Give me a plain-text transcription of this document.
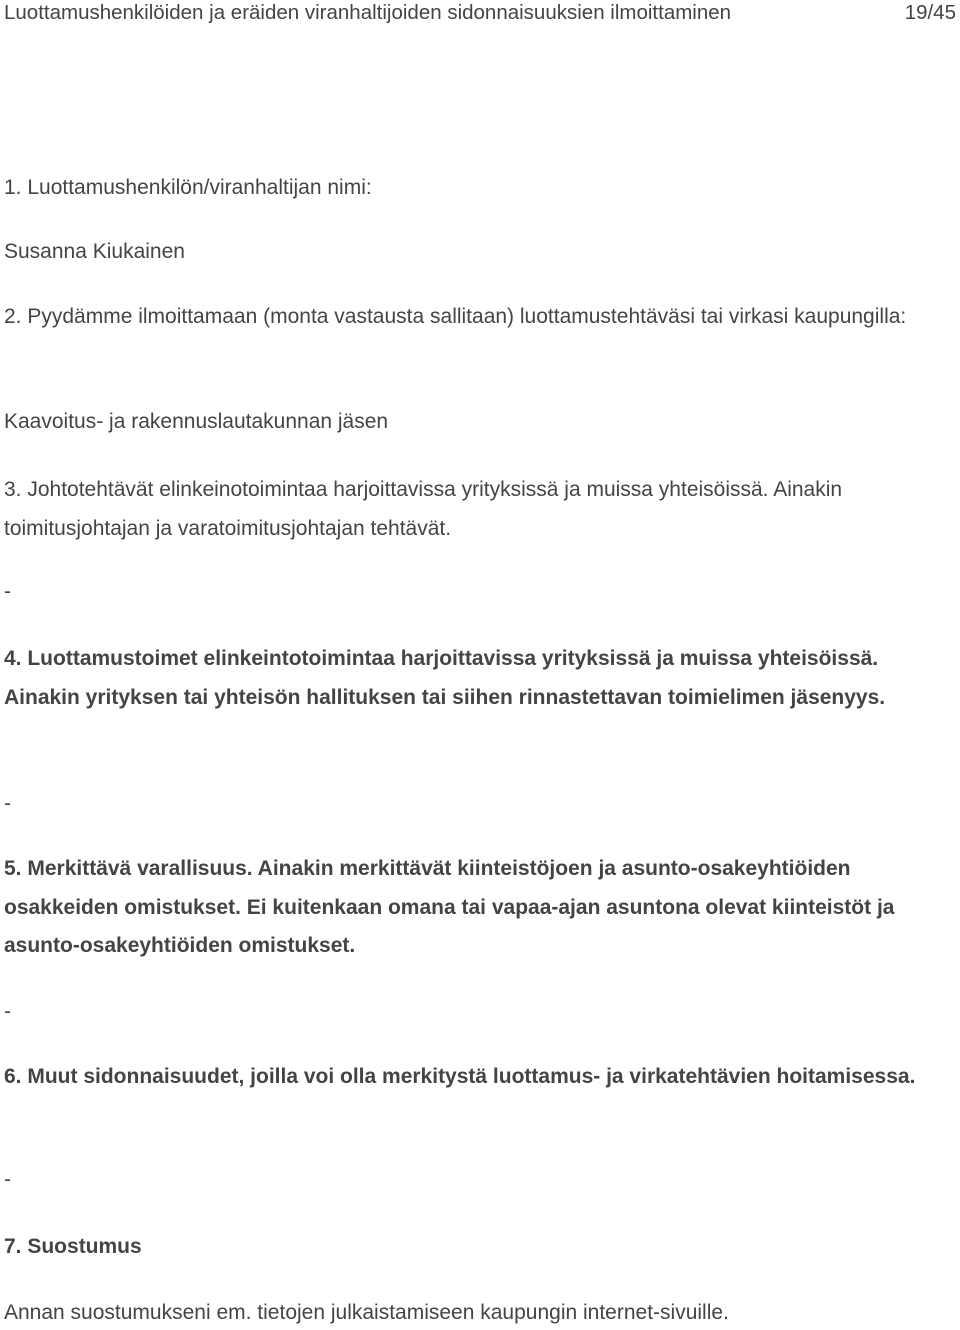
Luottamushenkilöiden ja eräiden viranhaltijoiden sidonnaisuuksien ilmoittaminen	19/45

1. Luottamushenkilön/viranhaltijan nimi:

Susanna Kiukainen

2. Pyydämme ilmoittamaan (monta vastausta sallitaan) luottamustehtäväsi tai virkasi kaupungilla:

Kaavoitus- ja rakennuslautakunnan jäsen

3. Johtotehtävät elinkeinotoimintaa harjoittavissa yrityksissä ja muissa yhteisöissä. Ainakin toimitusjohtajan ja varatoimitusjohtajan tehtävät.

-

4. Luottamustoimet elinkeintotoimintaa harjoittavissa yrityksissä ja muissa yhteisöissä. Ainakin yrityksen tai yhteisön hallituksen tai siihen rinnastettavan toimielimen jäsenyys.

-

5. Merkittävä varallisuus. Ainakin merkittävät kiinteistöjoen ja asunto-osakeyhtiöiden osakkeiden omistukset. Ei kuitenkaan omana tai vapaa-ajan asuntona olevat kiinteistöt ja asunto-osakeyhtiöiden omistukset.

-

6. Muut sidonnaisuudet, joilla voi olla merkitystä luottamus- ja virkatehtävien hoitamisessa.

-

7. Suostumus

Annan suostumukseni em. tietojen julkaistamiseen kaupungin internet-sivuille.
